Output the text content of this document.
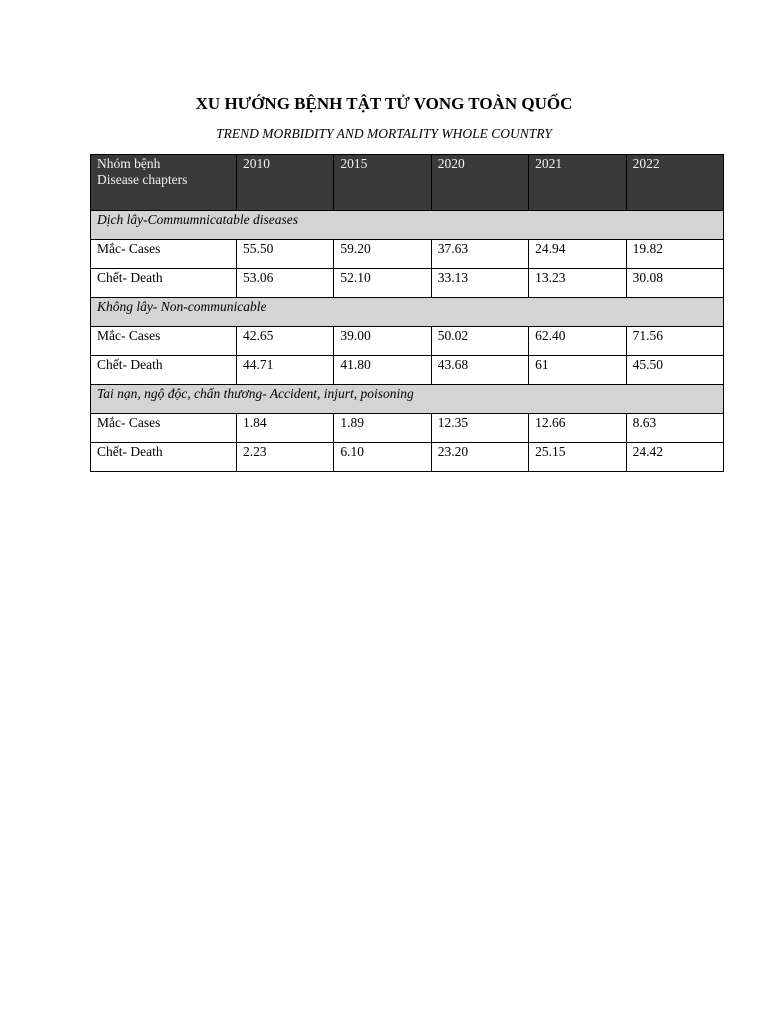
XU HƯỚNG BỆNH TẬT TỬ VONG TOÀN QUỐC
TREND MORBIDITY AND MORTALITY WHOLE COUNTRY
Nhóm bệnh
Disease chapters	2010	2015	2020	2021	2022
Dịch lây-Commumnicatable diseases					
Mắc- Cases	55.50	59.20	37.63	24.94	19.82
Chết- Death	53.06	52.10	33.13	13.23	30.08
Không lây- Non-communicable					
Mắc- Cases	42.65	39.00	50.02	62.40	71.56
Chết- Death	44.71	41.80	43.68	61	45.50
Tai nạn, ngộ độc, chấn thương- Accident, injurt, poisoning					
Mắc- Cases	1.84	1.89	12.35	12.66	8.63
Chết- Death	2.23	6.10	23.20	25.15	24.42
